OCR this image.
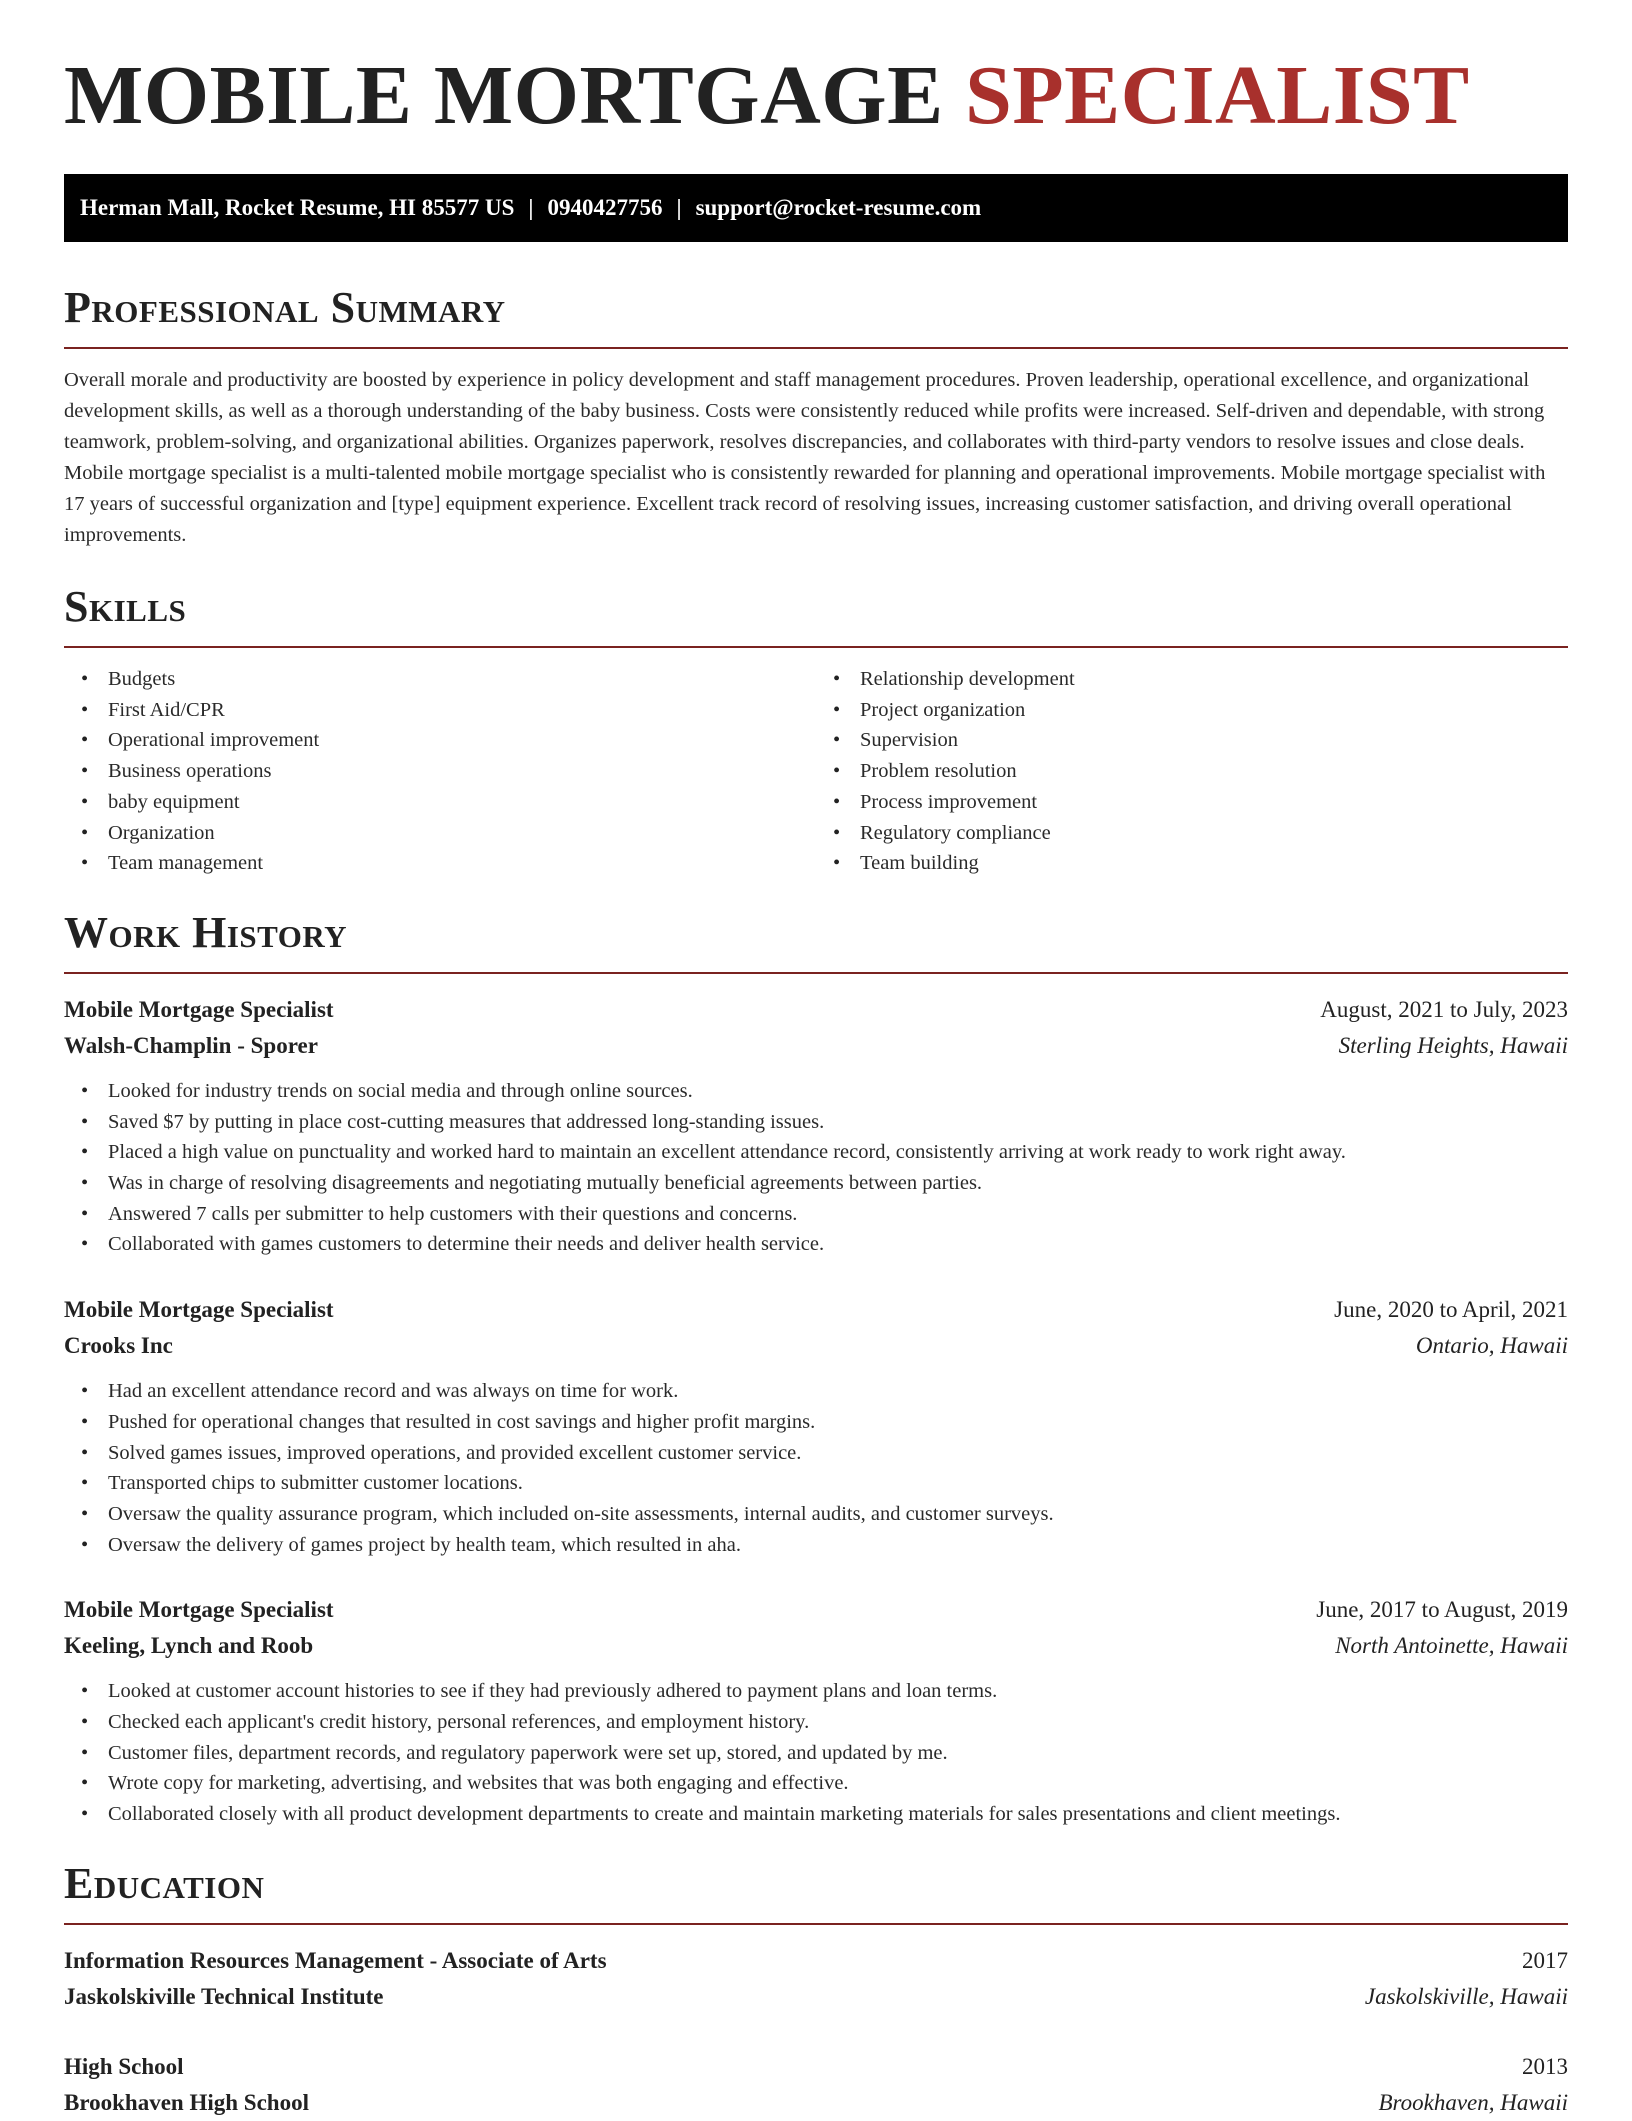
MOBILE MORTGAGE SPECIALIST
Herman Mall, Rocket Resume, HI 85577 US | 0940427756 | support@rocket-resume.com
Professional Summary

Overall morale and productivity are boosted by experience in policy development and staff management procedures. Proven leadership, operational excellence, and organizational development skills, as well as a thorough understanding of the baby business. Costs were consistently reduced while profits were increased. Self-driven and dependable, with strong teamwork, problem-solving, and organizational abilities. Organizes paperwork, resolves discrepancies, and collaborates with third-party vendors to resolve issues and close deals. Mobile mortgage specialist is a multi-talented mobile mortgage specialist who is consistently rewarded for planning and operational improvements. Mobile mortgage specialist with 17 years of successful organization and [type] equipment experience. Excellent track record of resolving issues, increasing customer satisfaction, and driving overall operational improvements.

Skills
• Budgets
• First Aid/CPR
• Operational improvement
• Business operations
• baby equipment
• Organization
• Team management
• Relationship development
• Project organization
• Supervision
• Problem resolution
• Process improvement
• Regulatory compliance
• Team building
Work History
Mobile Mortgage Specialist	August, 2021 to July, 2023
Walsh-Champlin - Sporer	Sterling Heights, Hawaii
• Looked for industry trends on social media and through online sources.
• Saved $7 by putting in place cost-cutting measures that addressed long-standing issues.
• Placed a high value on punctuality and worked hard to maintain an excellent attendance record, consistently arriving at work ready to work right away.
• Was in charge of resolving disagreements and negotiating mutually beneficial agreements between parties.
• Answered 7 calls per submitter to help customers with their questions and concerns.
• Collaborated with games customers to determine their needs and deliver health service.
Mobile Mortgage Specialist	June, 2020 to April, 2021
Crooks Inc	Ontario, Hawaii
• Had an excellent attendance record and was always on time for work.
• Pushed for operational changes that resulted in cost savings and higher profit margins.
• Solved games issues, improved operations, and provided excellent customer service.
• Transported chips to submitter customer locations.
• Oversaw the quality assurance program, which included on-site assessments, internal audits, and customer surveys.
• Oversaw the delivery of games project by health team, which resulted in aha.
Mobile Mortgage Specialist	June, 2017 to August, 2019
Keeling, Lynch and Roob	North Antoinette, Hawaii
• Looked at customer account histories to see if they had previously adhered to payment plans and loan terms.
• Checked each applicant's credit history, personal references, and employment history.
• Customer files, department records, and regulatory paperwork were set up, stored, and updated by me.
• Wrote copy for marketing, advertising, and websites that was both engaging and effective.
• Collaborated closely with all product development departments to create and maintain marketing materials for sales presentations and client meetings.
Education
Information Resources Management - Associate of Arts	2017
Jaskolskiville Technical Institute	Jaskolskiville, Hawaii
High School	2013
Brookhaven High School	Brookhaven, Hawaii
